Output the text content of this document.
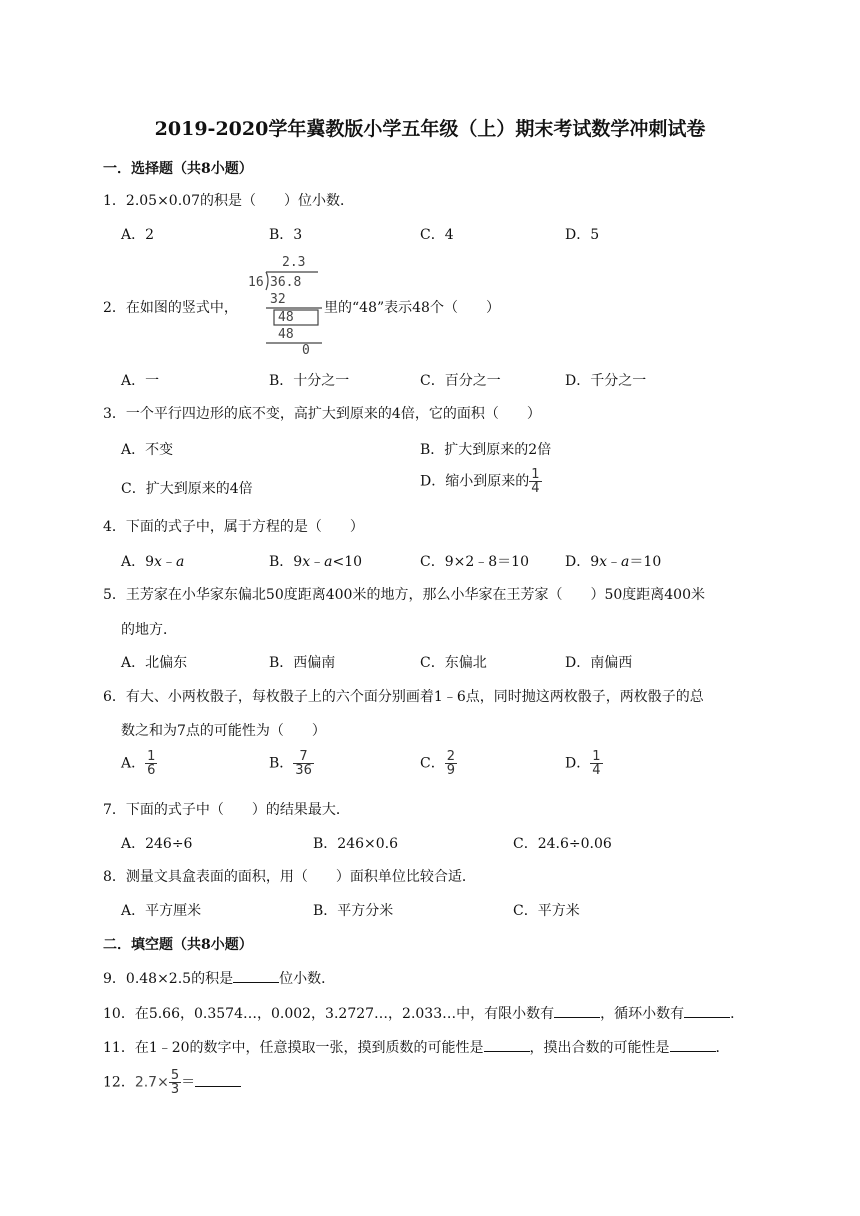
2019-2020学年冀教版小学五年级（上）期末考试数学冲刺试卷
一．选择题（共8小题）
1．2.05×0.07的积是（　　）位小数．
A．2	B．3	C．4	D．5
2．在如图的竖式中，
2.3
16 36.8
32
48
48
0
里的“48”表示48个（　　）
A．一	B．十分之一	C．百分之一	D．千分之一
3．一个平行四边形的底不变，高扩大到原来的4倍，它的面积（　　）
A．不变	B．扩大到原来的2倍
C．扩大到原来的4倍	D．缩小到原来的 $\frac{1}{4}$
4．下面的式子中，属于方程的是（　　）
A．9x﹣a	B．9x﹣a<10	C．9×2﹣8＝10	D．9x﹣a＝10
5．王芳家在小华家东偏北50度距离400米的地方，那么小华家在王芳家（　　）50度距离400米
的地方．
A．北偏东	B．西偏南	C．东偏北	D．南偏西
6．有大、小两枚骰子，每枚骰子上的六个面分别画着1﹣6点，同时抛这两枚骰子，两枚骰子的总
数之和为7点的可能性为（　　）
A． $\frac{1}{6}$	B． $\frac{7}{36}$	C． $\frac{2}{9}$	D． $\frac{1}{4}$
7．下面的式子中（　　）的结果最大．
A．246÷6	B．246×0.6	C．24.6÷0.06
8．测量文具盒表面的面积，用（　　）面积单位比较合适．
A．平方厘米	B．平方分米	C．平方米
二．填空题（共8小题）
9．0.48×2.5的积是	位小数．
10．在5.66，0.3574…，0.002，3.2727…，2.033…中，有限小数有	，循环小数有	．
11．在1﹣20的数字中，任意摸取一张，摸到质数的可能性是	，摸出合数的可能性是	．
12．$2.7\times \frac{5}{3}$ ＝
